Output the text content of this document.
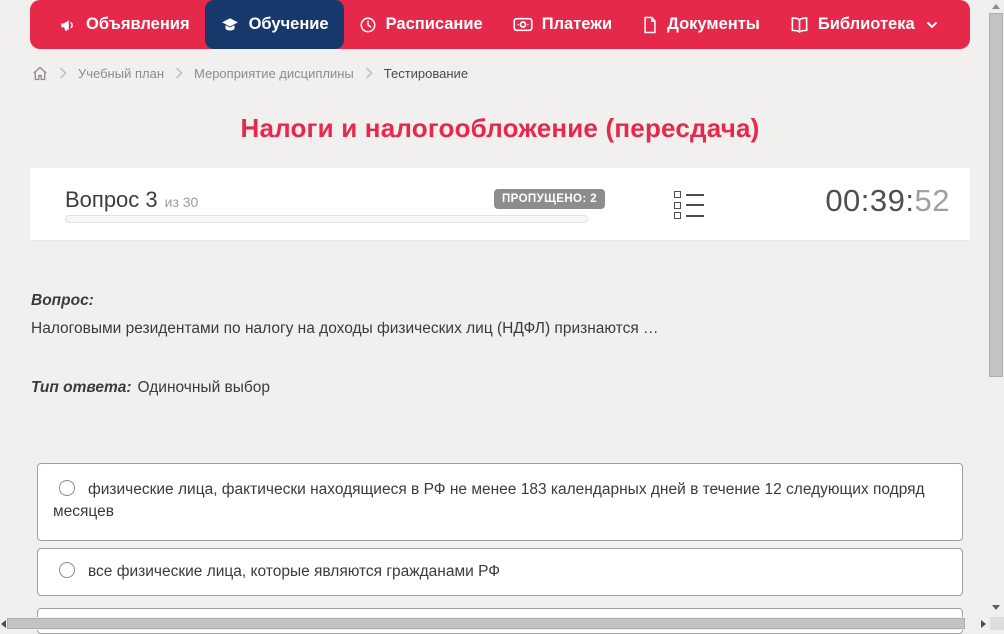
Объявления	Обучение	Расписание	Платежи	Документы	Библиотека
Учебный план Мероприятие дисциплины Тестирование
Налоги и налогообложение (пересдача)
Вопрос 3 из 30	ПРОПУЩЕНО: 2	00:39:52
Вопрос:
Налоговыми резидентами по налогу на доходы физических лиц (НДФЛ) признаются …
Тип ответа: Одиночный выбор
физические лица, фактически находящиеся в РФ не менее 183 календарных дней в течение 12 следующих подряд месяцев
все физические лица, которые являются гражданами РФ
